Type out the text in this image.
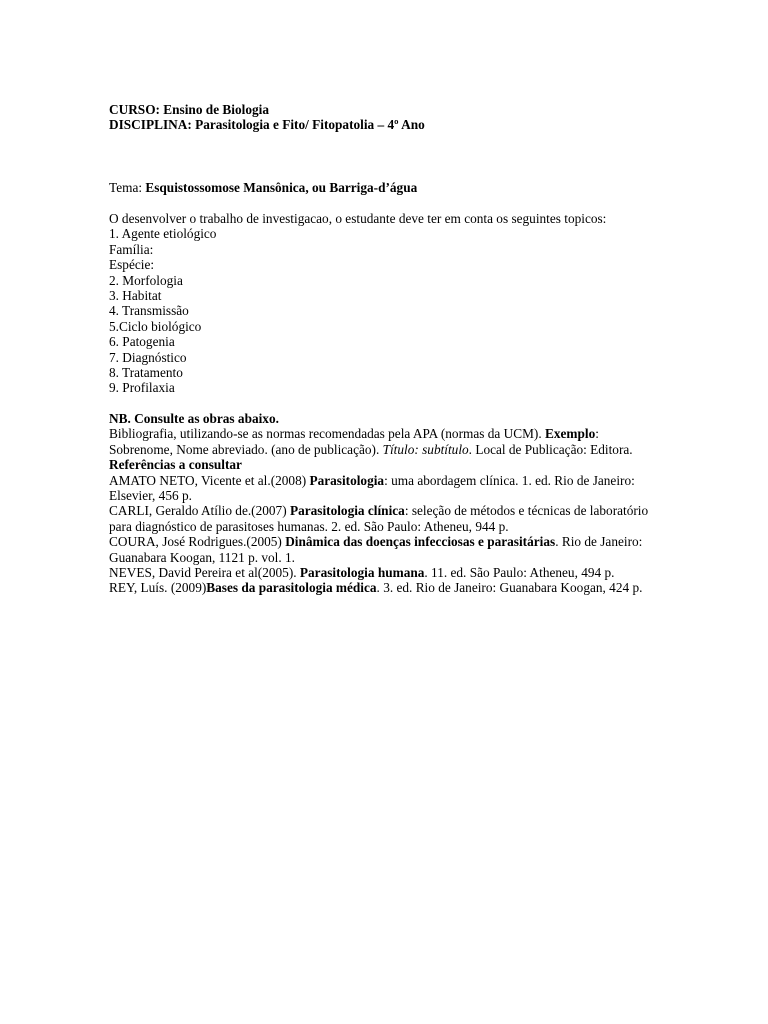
CURSO: Ensino de Biologia
DISCIPLINA: Parasitologia e Fito/ Fitopatolia – 4º Ano
Tema: Esquistossomose Mansônica, ou Barriga-d’água
O desenvolver o trabalho de investigacao, o estudante deve ter em conta os seguintes topicos:
1. Agente etiológico
Família:
Espécie:
2. Morfologia
3. Habitat
4. Transmissão
5.Ciclo biológico
6. Patogenia
7. Diagnóstico
8. Tratamento
9. Profilaxia
NB. Consulte as obras abaixo.
Bibliografia, utilizando-se as normas recomendadas pela APA (normas da UCM). Exemplo:
Sobrenome, Nome abreviado. (ano de publicação). Título: subtítulo. Local de Publicação: Editora.
Referências a consultar
AMATO NETO, Vicente et al.(2008) Parasitologia: uma abordagem clínica. 1. ed. Rio de Janeiro:
Elsevier, 456 p.
CARLI, Geraldo Atílio de.(2007) Parasitologia clínica: seleção de métodos e técnicas de laboratório
para diagnóstico de parasitoses humanas. 2. ed. São Paulo: Atheneu, 944 p.
COURA, José Rodrigues.(2005) Dinâmica das doenças infecciosas e parasitárias. Rio de Janeiro:
Guanabara Koogan, 1121 p. vol. 1.
NEVES, David Pereira et al(2005). Parasitologia humana. 11. ed. São Paulo: Atheneu, 494 p.
REY, Luís. (2009)Bases da parasitologia médica. 3. ed. Rio de Janeiro: Guanabara Koogan, 424 p.
